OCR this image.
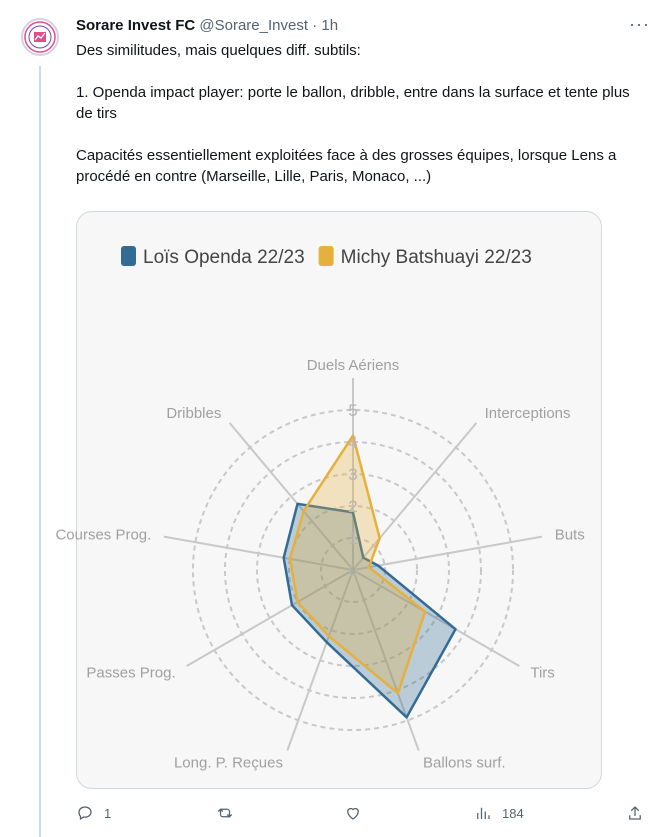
Sorare Invest FC @Sorare_Invest · 1h	···

Des similitudes, mais quelques diff. subtils:

1. Openda impact player: porte le ballon, dribble, entre dans la surface et tente plus de tirs

Capacités essentiellement exploitées face à des grosses équipes, lorsque Lens a procédé en contre (Marseille, Lille, Paris, Monaco, ...)

Loïs Openda 22/23 Michy Batshuayi 22/23
0
1
2
3
4
5
Duels Aériens
Interceptions
Buts
Tirs
Ballons surf.
Long. P. Reçues
Passes Prog.
Courses Prog.
Dribbles
1	184
